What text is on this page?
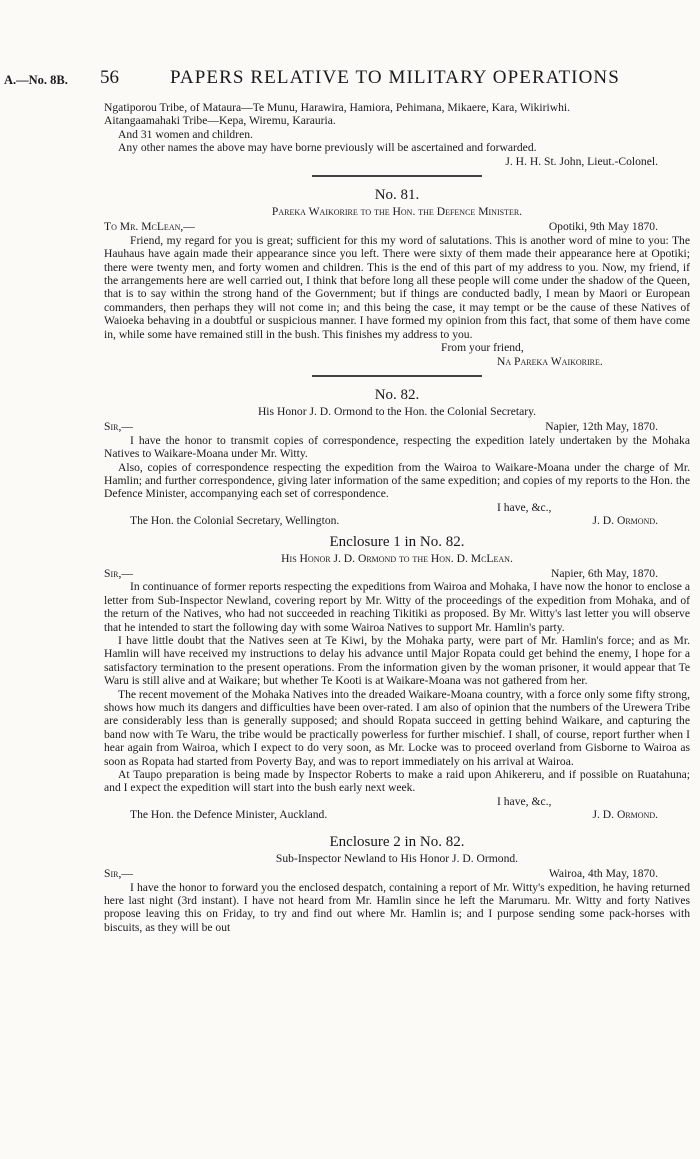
A.—No. 8B. 56	PAPERS RELATIVE TO MILITARY OPERATIONS

Ngatiporou Tribe, of Mataura—Te Munu, Harawira, Hamiora, Pehimana, Mikaere, Kara, Wikiriwhi.

Aitangaamahaki Tribe—Kepa, Wiremu, Karauria.

And 31 women and children.

Any other names the above may have borne previously will be ascertained and forwarded.

J. H. H. St. John, Lieut.-Colonel.

No. 81.
Pareka Waikorire to the Hon. the Defence Minister.
To Mr. McLean,—	Opotiki, 9th May 1870.

Friend, my regard for you is great; sufficient for this my word of salutations. This is another word of mine to you: The Hauhaus have again made their appearance since you left. There were sixty of them made their appearance here at Opotiki; there were twenty men, and forty women and children. This is the end of this part of my address to you. Now, my friend, if the arrangements here are well carried out, I think that before long all these people will come under the shadow of the Queen, that is to say within the strong hand of the Government; but if things are conducted badly, I mean by Maori or European commanders, then perhaps they will not come in; and this being the case, it may tempt or be the cause of these Natives of Waioeka behaving in a doubtful or suspicious manner. I have formed my opinion from this fact, that some of them have come in, while some have remained still in the bush. This finishes my address to you.

From your friend,

Na Pareka Waikorire.

No. 82.
His Honor J. D. Ormond to the Hon. the Colonial Secretary.
Sir,—	Napier, 12th May, 1870.

I have the honor to transmit copies of correspondence, respecting the expedition lately undertaken by the Mohaka Natives to Waikare-Moana under Mr. Witty.

Also, copies of correspondence respecting the expedition from the Wairoa to Waikare-Moana under the charge of Mr. Hamlin; and further correspondence, giving later information of the same expedition; and copies of my reports to the Hon. the Defence Minister, accompanying each set of correspondence.

I have, &c.,

The Hon. the Colonial Secretary, Wellington.	J. D. Ormond.
Enclosure 1 in No. 82.
His Honor J. D. Ormond to the Hon. D. McLean.
Sir,—	Napier, 6th May, 1870.

In continuance of former reports respecting the expeditions from Wairoa and Mohaka, I have now the honor to enclose a letter from Sub-Inspector Newland, covering report by Mr. Witty of the proceedings of the expedition from Mohaka, and of the return of the Natives, who had not succeeded in reaching Tikitiki as proposed. By Mr. Witty's last letter you will observe that he intended to start the following day with some Wairoa Natives to support Mr. Hamlin's party.

I have little doubt that the Natives seen at Te Kiwi, by the Mohaka party, were part of Mr. Hamlin's force; and as Mr. Hamlin will have received my instructions to delay his advance until Major Ropata could get behind the enemy, I hope for a satisfactory termination to the present operations. From the information given by the woman prisoner, it would appear that Te Waru is still alive and at Waikare; but whether Te Kooti is at Waikare-Moana was not gathered from her.

The recent movement of the Mohaka Natives into the dreaded Waikare-Moana country, with a force only some fifty strong, shows how much its dangers and difficulties have been over-rated. I am also of opinion that the numbers of the Urewera Tribe are considerably less than is generally supposed; and should Ropata succeed in getting behind Waikare, and capturing the band now with Te Waru, the tribe would be practically powerless for further mischief. I shall, of course, report further when I hear again from Wairoa, which I expect to do very soon, as Mr. Locke was to proceed overland from Gisborne to Wairoa as soon as Ropata had started from Poverty Bay, and was to report immediately on his arrival at Wairoa.

At Taupo preparation is being made by Inspector Roberts to make a raid upon Ahikereru, and if possible on Ruatahuna; and I expect the expedition will start into the bush early next week.

I have, &c.,

The Hon. the Defence Minister, Auckland.	J. D. Ormond.
Enclosure 2 in No. 82.
Sub-Inspector Newland to His Honor J. D. Ormond.
Sir,—	Wairoa, 4th May, 1870.

I have the honor to forward you the enclosed despatch, containing a report of Mr. Witty's expedition, he having returned here last night (3rd instant). I have not heard from Mr. Hamlin since he left the Marumaru. Mr. Witty and forty Natives propose leaving this on Friday, to try and find out where Mr. Hamlin is; and I purpose sending some pack-horses with biscuits, as they will be out
